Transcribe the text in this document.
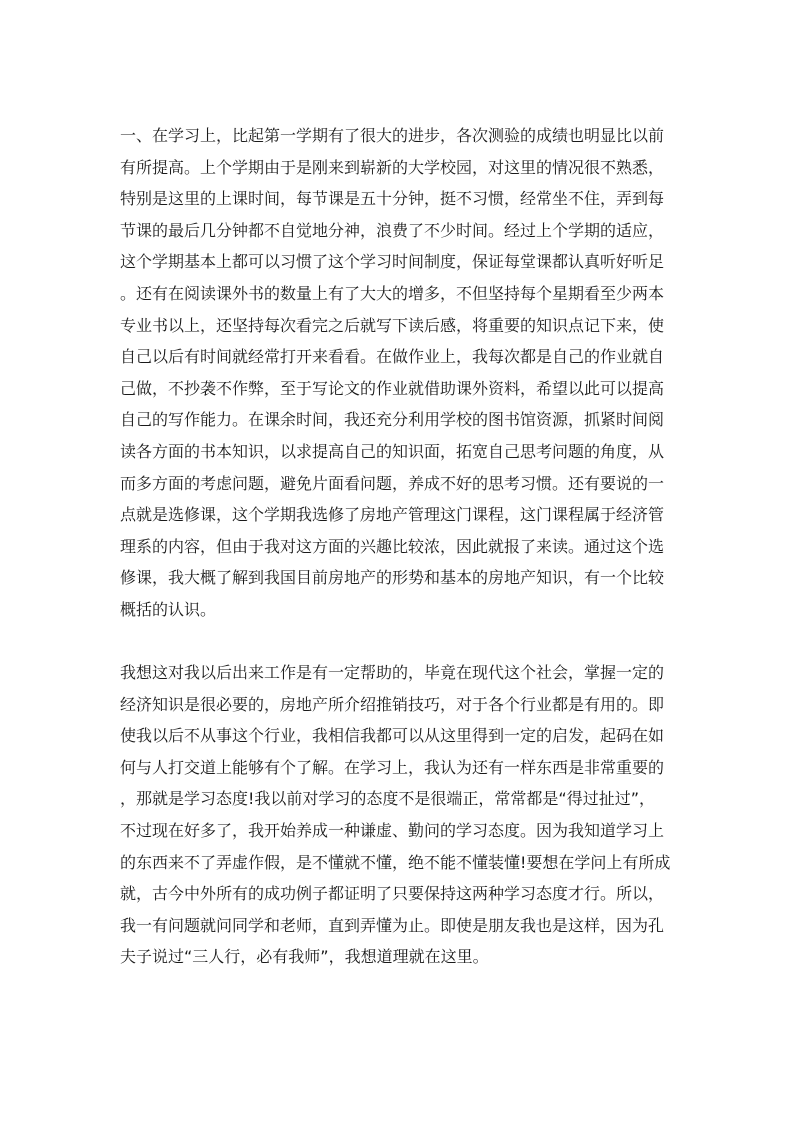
一、在学习上，比起第一学期有了很大的进步，各次测验的成绩也明显比以前
有所提高。上个学期由于是刚来到崭新的大学校园，对这里的情况很不熟悉，
特别是这里的上课时间，每节课是五十分钟，挺不习惯，经常坐不住，弄到每
节课的最后几分钟都不自觉地分神，浪费了不少时间。经过上个学期的适应，
这个学期基本上都可以习惯了这个学习时间制度，保证每堂课都认真听好听足
。还有在阅读课外书的数量上有了大大的增多，不但坚持每个星期看至少两本
专业书以上，还坚持每次看完之后就写下读后感，将重要的知识点记下来，使
自己以后有时间就经常打开来看看。在做作业上，我每次都是自己的作业就自
己做，不抄袭不作弊，至于写论文的作业就借助课外资料，希望以此可以提高
自己的写作能力。在课余时间，我还充分利用学校的图书馆资源，抓紧时间阅
读各方面的书本知识，以求提高自己的知识面，拓宽自己思考问题的角度，从
而多方面的考虑问题，避免片面看问题，养成不好的思考习惯。还有要说的一
点就是选修课，这个学期我选修了房地产管理这门课程，这门课程属于经济管
理系的内容，但由于我对这方面的兴趣比较浓，因此就报了来读。通过这个选
修课，我大概了解到我国目前房地产的形势和基本的房地产知识，有一个比较
概括的认识。
我想这对我以后出来工作是有一定帮助的，毕竟在现代这个社会，掌握一定的
经济知识是很必要的，房地产所介绍推销技巧，对于各个行业都是有用的。即
使我以后不从事这个行业，我相信我都可以从这里得到一定的启发，起码在如
何与人打交道上能够有个了解。在学习上，我认为还有一样东西是非常重要的
，那就是学习态度!我以前对学习的态度不是很端正，常常都是“得过扯过”，
不过现在好多了，我开始养成一种谦虚、勤问的学习态度。因为我知道学习上
的东西来不了弄虚作假，是不懂就不懂，绝不能不懂装懂!要想在学问上有所成
就，古今中外所有的成功例子都证明了只要保持这两种学习态度才行。所以，
我一有问题就问同学和老师，直到弄懂为止。即使是朋友我也是这样，因为孔
夫子说过“三人行，必有我师”，我想道理就在这里。
